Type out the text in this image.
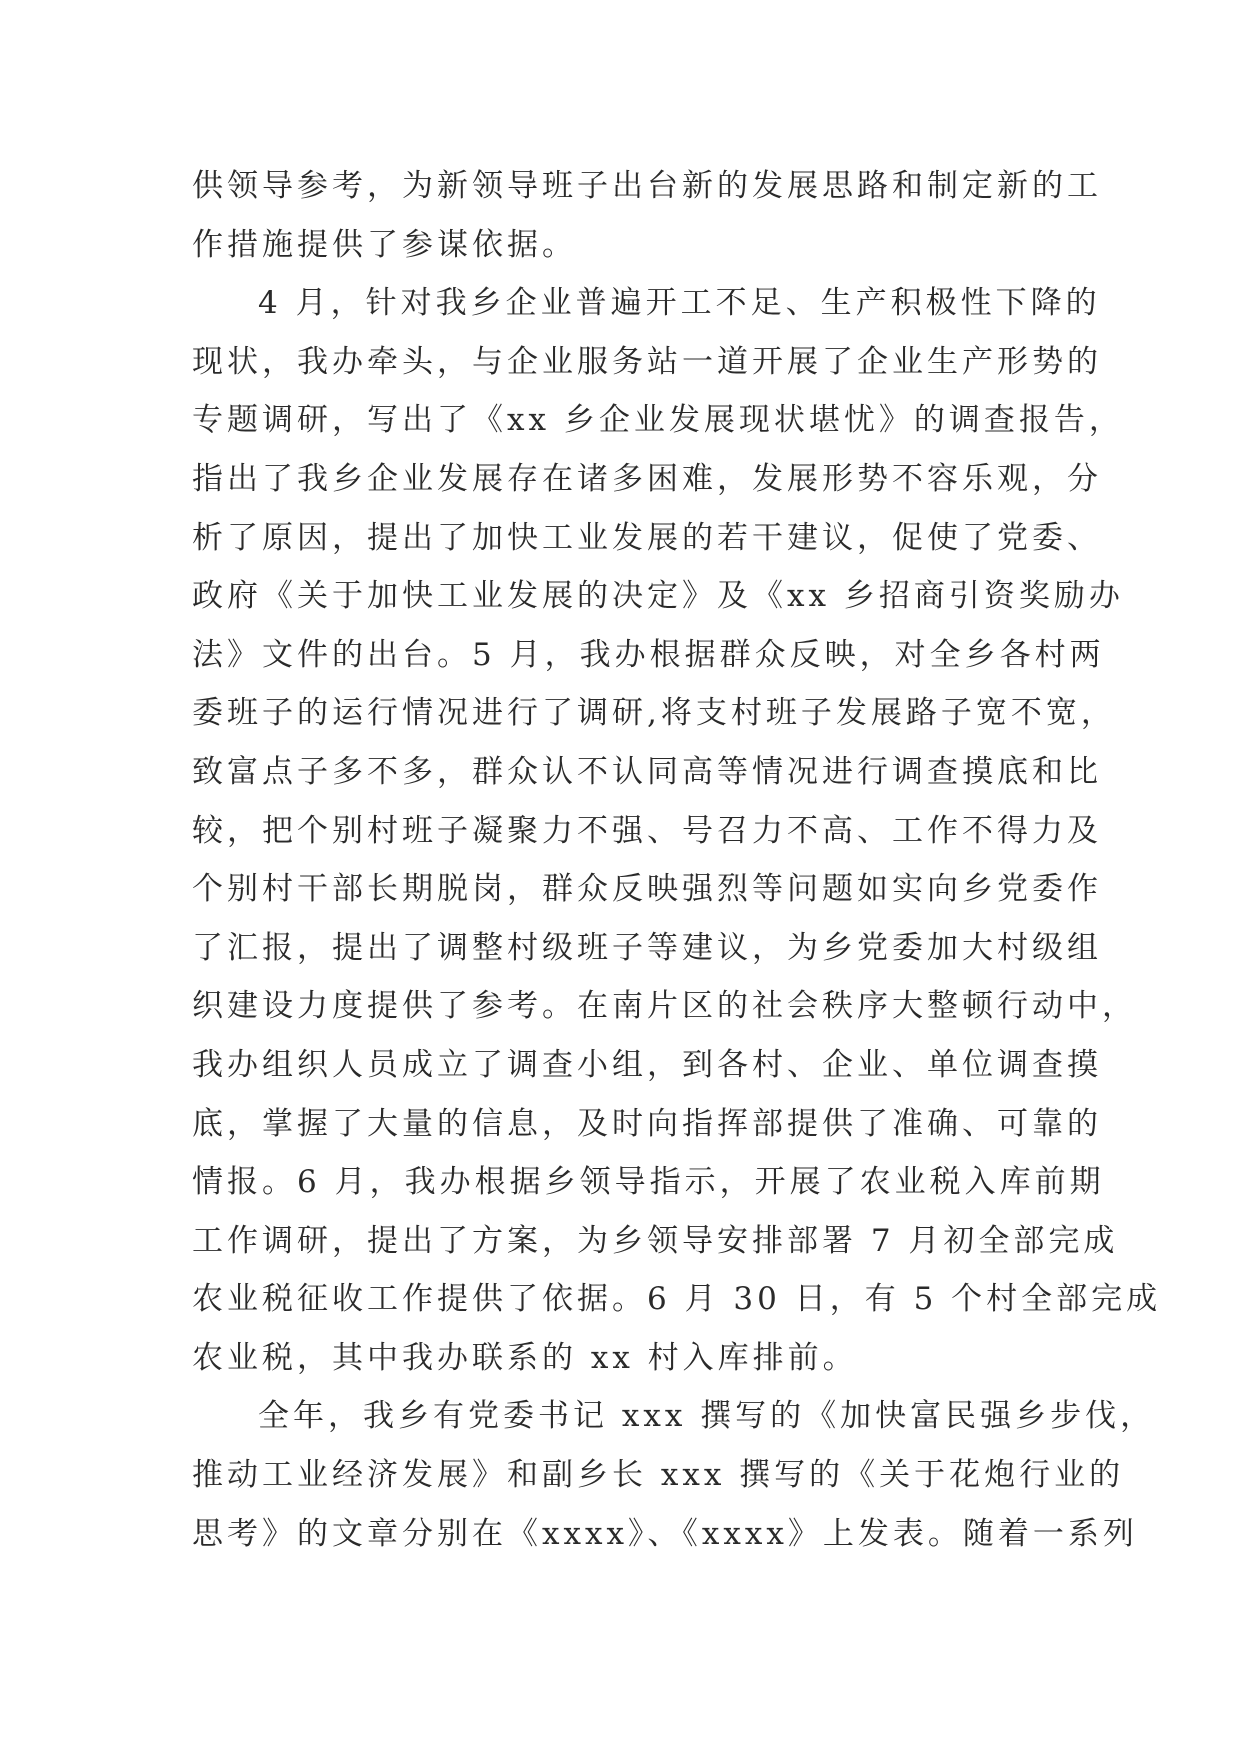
供领导参考，为新领导班子出台新的发展思路和制定新的工
作措施提供了参谋依据。
4 月，针对我乡企业普遍开工不足、生产积极性下降的
现状，我办牵头，与企业服务站一道开展了企业生产形势的
专题调研，写出了《xx 乡企业发展现状堪忧》的调查报告，
指出了我乡企业发展存在诸多困难，发展形势不容乐观，分
析了原因，提出了加快工业发展的若干建议，促使了党委、
政府《关于加快工业发展的决定》及《xx 乡招商引资奖励办
法》文件的出台。5 月，我办根据群众反映，对全乡各村两
委班子的运行情况进行了调研,将支村班子发展路子宽不宽，
致富点子多不多，群众认不认同高等情况进行调查摸底和比
较，把个别村班子凝聚力不强、号召力不高、工作不得力及
个别村干部长期脱岗，群众反映强烈等问题如实向乡党委作
了汇报，提出了调整村级班子等建议，为乡党委加大村级组
织建设力度提供了参考。在南片区的社会秩序大整顿行动中，
我办组织人员成立了调查小组，到各村、企业、单位调查摸
底，掌握了大量的信息，及时向指挥部提供了准确、可靠的
情报。6 月，我办根据乡领导指示，开展了农业税入库前期
工作调研，提出了方案，为乡领导安排部署 7 月初全部完成
农业税征收工作提供了依据。6 月 30 日，有 5 个村全部完成
农业税，其中我办联系的 xx 村入库排前。
全年，我乡有党委书记 xxx 撰写的《加快富民强乡步伐，
推动工业经济发展》和副乡长 xxx 撰写的《关于花炮行业的
思考》的文章分别在《xxxx》、《xxxx》上发表。随着一系列
